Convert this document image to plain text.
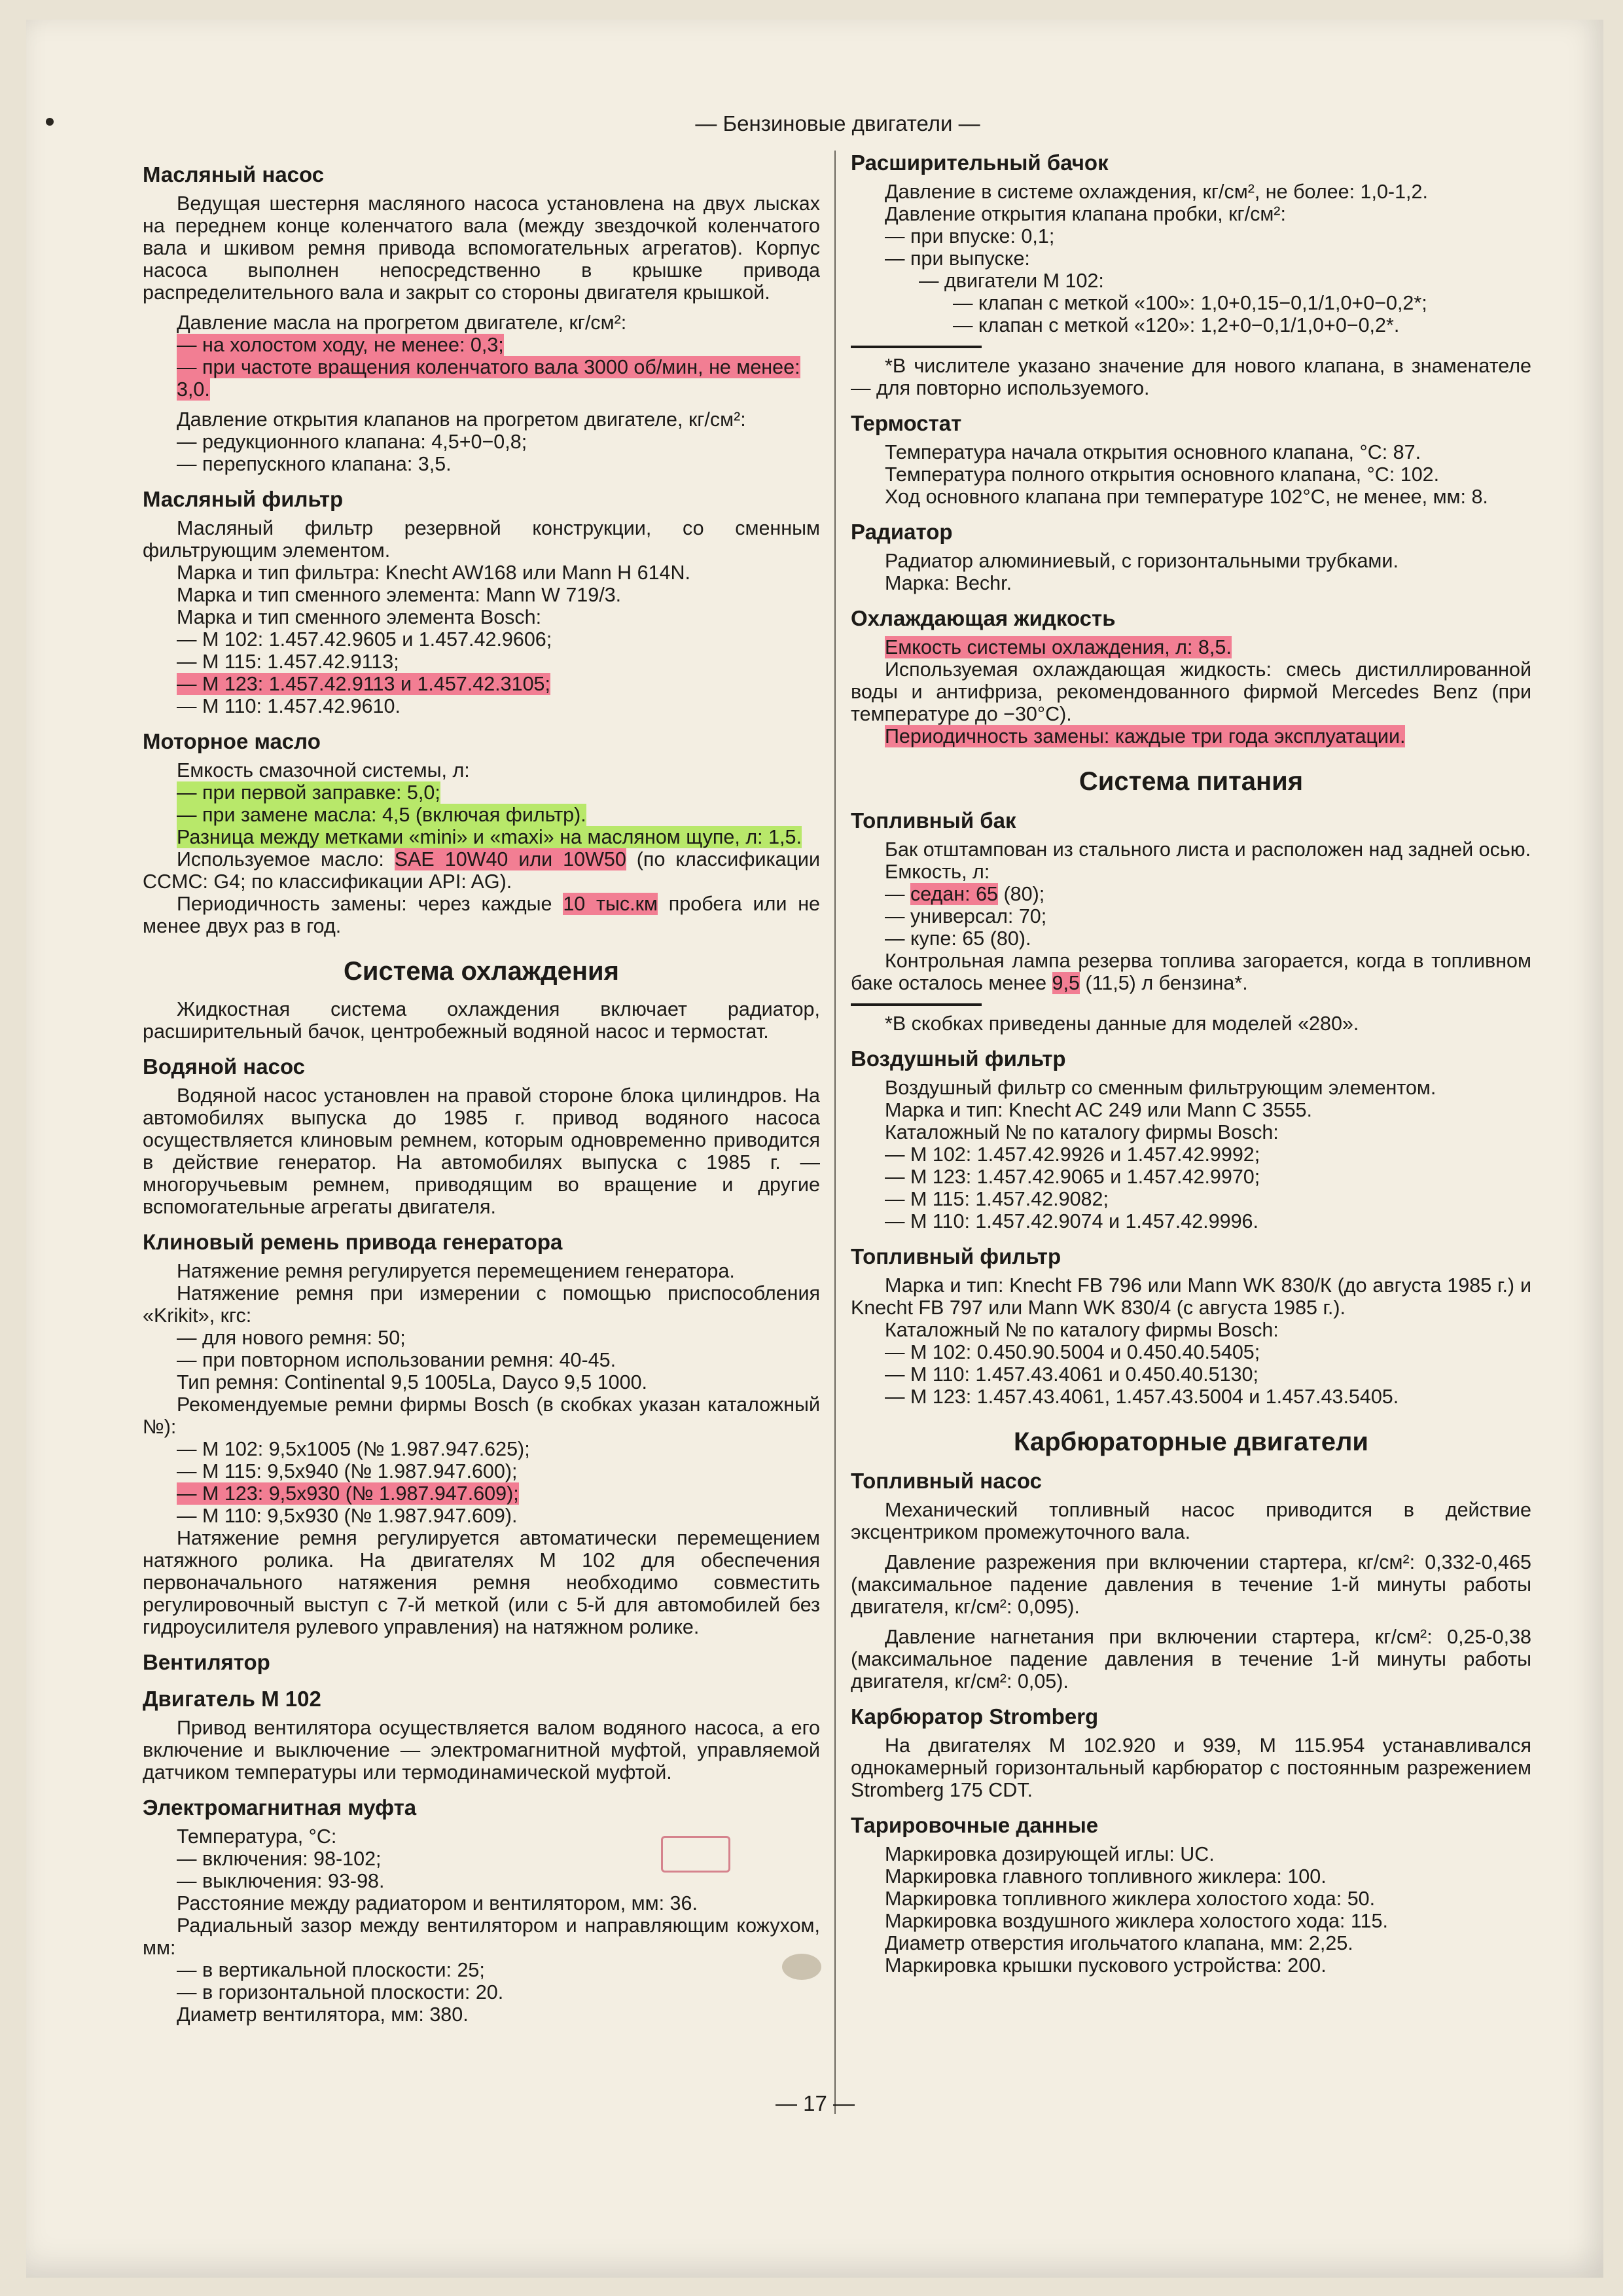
— Бензиновые двигатели —
Масляный насос

Ведущая шестерня масляного насоса установлена на двух лысках на переднем конце коленчатого вала (между звездочкой коленчатого вала и шкивом ремня привода вспомогательных агрегатов). Корпус насоса выполнен непосредственно в крышке привода распределительного вала и закрыт со стороны двигателя крышкой.

Давление масла на прогретом двигателе, кг/см²:

— на холостом ходу, не менее: 0,3;
— при частоте вращения коленчатого вала 3000 об/мин, не менее: 3,0.

Давление открытия клапанов на прогретом двигателе, кг/см²:

— редукционного клапана: 4,5+0−0,8;
— перепускного клапана: 3,5.
Масляный фильтр

Масляный фильтр резервной конструкции, со сменным фильтрующим элементом.

Марка и тип фильтра: Knecht AW168 или Mann H 614N.

Марка и тип сменного элемента: Mann W 719/3.

Марка и тип сменного элемента Bosch:

— М 102: 1.457.42.9605 и 1.457.42.9606;
— М 115: 1.457.42.9113;
— М 123: 1.457.42.9113 и 1.457.42.3105;
— М 110: 1.457.42.9610.
Моторное масло

Емкость смазочной системы, л:

— при первой заправке: 5,0;
— при замене масла: 4,5 (включая фильтр).

Разница между метками «mini» и «maxi» на масляном щупе, л: 1,5.

Используемое масло: SAE 10W40 или 10W50 (по классификации CCMC: G4; по классификации API: AG).

Периодичность замены: через каждые 10 тыс.км пробега или не менее двух раз в год.

Система охлаждения

Жидкостная система охлаждения включает радиатор, расширительный бачок, центробежный водяной насос и термостат.

Водяной насос

Водяной насос установлен на правой стороне блока цилиндров. На автомобилях выпуска до 1985 г. привод водяного насоса осуществляется клиновым ремнем, которым одновременно приводится в действие генератор. На автомобилях выпуска с 1985 г. — многоручьевым ремнем, приводящим во вращение и другие вспомогательные агрегаты двигателя.

Клиновый ремень привода генератора

Натяжение ремня регулируется перемещением генератора.

Натяжение ремня при измерении с помощью приспособления «Krikit», кгс:

— для нового ремня: 50;
— при повторном использовании ремня: 40-45.

Тип ремня: Continental 9,5 1005La, Dayco 9,5 1000.

Рекомендуемые ремни фирмы Bosch (в скобках указан каталожный №):

— М 102: 9,5x1005 (№ 1.987.947.625);
— М 115: 9,5x940 (№ 1.987.947.600);
— М 123: 9,5x930 (№ 1.987.947.609);
— М 110: 9,5x930 (№ 1.987.947.609).

Натяжение ремня регулируется автоматически перемещением натяжного ролика. На двигателях М 102 для обеспечения первоначального натяжения ремня необходимо совместить регулировочный выступ с 7-й меткой (или с 5-й для автомобилей без гидроусилителя рулевого управления) на натяжном ролике.

Вентилятор
Двигатель М 102

Привод вентилятора осуществляется валом водяного насоса, а его включение и выключение — электромагнитной муфтой, управляемой датчиком температуры или термодинамической муфтой.

Электромагнитная муфта

Температура, °С:

— включения: 98-102;
— выключения: 93-98.

Расстояние между радиатором и вентилятором, мм: 36.

Радиальный зазор между вентилятором и направляющим кожухом, мм:

— в вертикальной плоскости: 25;
— в горизонтальной плоскости: 20.

Диаметр вентилятора, мм: 380.

Расширительный бачок

Давление в системе охлаждения, кг/см², не более: 1,0-1,2.

Давление открытия клапана пробки, кг/см²:

— при впуске: 0,1;
— при выпуске:
— двигатели М 102:
— клапан с меткой «100»: 1,0+0,15−0,1/1,0+0−0,2*;
— клапан с меткой «120»: 1,2+0−0,1/1,0+0−0,2*.

*В числителе указано значение для нового клапана, в знаменателе — для повторно используемого.

Термостат

Температура начала открытия основного клапана, °С: 87.

Температура полного открытия основного клапана, °С: 102.

Ход основного клапана при температуре 102°С, не менее, мм: 8.

Радиатор

Радиатор алюминиевый, с горизонтальными трубками.

Марка: Bechr.

Охлаждающая жидкость

Емкость системы охлаждения, л: 8,5.

Используемая охлаждающая жидкость: смесь дистиллированной воды и антифриза, рекомендованного фирмой Mercedes Benz (при температуре до −30°С).

Периодичность замены: каждые три года эксплуатации.

Система питания
Топливный бак

Бак отштампован из стального листа и расположен над задней осью.

Емкость, л:

— седан: 65 (80);
— универсал: 70;
— купе: 65 (80).

Контрольная лампа резерва топлива загорается, когда в топливном баке осталось менее 9,5 (11,5) л бензина*.

*В скобках приведены данные для моделей «280».

Воздушный фильтр

Воздушный фильтр со сменным фильтрующим элементом.

Марка и тип: Knecht AC 249 или Mann C 3555.

Каталожный № по каталогу фирмы Bosch:

— М 102: 1.457.42.9926 и 1.457.42.9992;
— М 123: 1.457.42.9065 и 1.457.42.9970;
— М 115: 1.457.42.9082;
— М 110: 1.457.42.9074 и 1.457.42.9996.
Топливный фильтр

Марка и тип: Knecht FB 796 или Mann WK 830/К (до августа 1985 г.) и Knecht FB 797 или Mann WK 830/4 (с августа 1985 г.).

Каталожный № по каталогу фирмы Bosch:

— М 102: 0.450.90.5004 и 0.450.40.5405;
— М 110: 1.457.43.4061 и 0.450.40.5130;
— М 123: 1.457.43.4061, 1.457.43.5004 и 1.457.43.5405.
Карбюраторные двигатели
Топливный насос

Механический топливный насос приводится в действие эксцентриком промежуточного вала.

Давление разрежения при включении стартера, кг/см²: 0,332-0,465 (максимальное падение давления в течение 1-й минуты работы двигателя, кг/см²: 0,095).

Давление нагнетания при включении стартера, кг/см²: 0,25-0,38 (максимальное падение давления в течение 1-й минуты работы двигателя, кг/см²: 0,05).

Карбюратор Stromberg

На двигателях М 102.920 и 939, М 115.954 устанавливался однокамерный горизонтальный карбюратор с постоянным разрежением Stromberg 175 CDT.

Тарировочные данные

Маркировка дозирующей иглы: UC.

Маркировка главного топливного жиклера: 100.

Маркировка топливного жиклера холостого хода: 50.

Маркировка воздушного жиклера холостого хода: 115.

Диаметр отверстия игольчатого клапана, мм: 2,25.

Маркировка крышки пускового устройства: 200.

— 17 —
